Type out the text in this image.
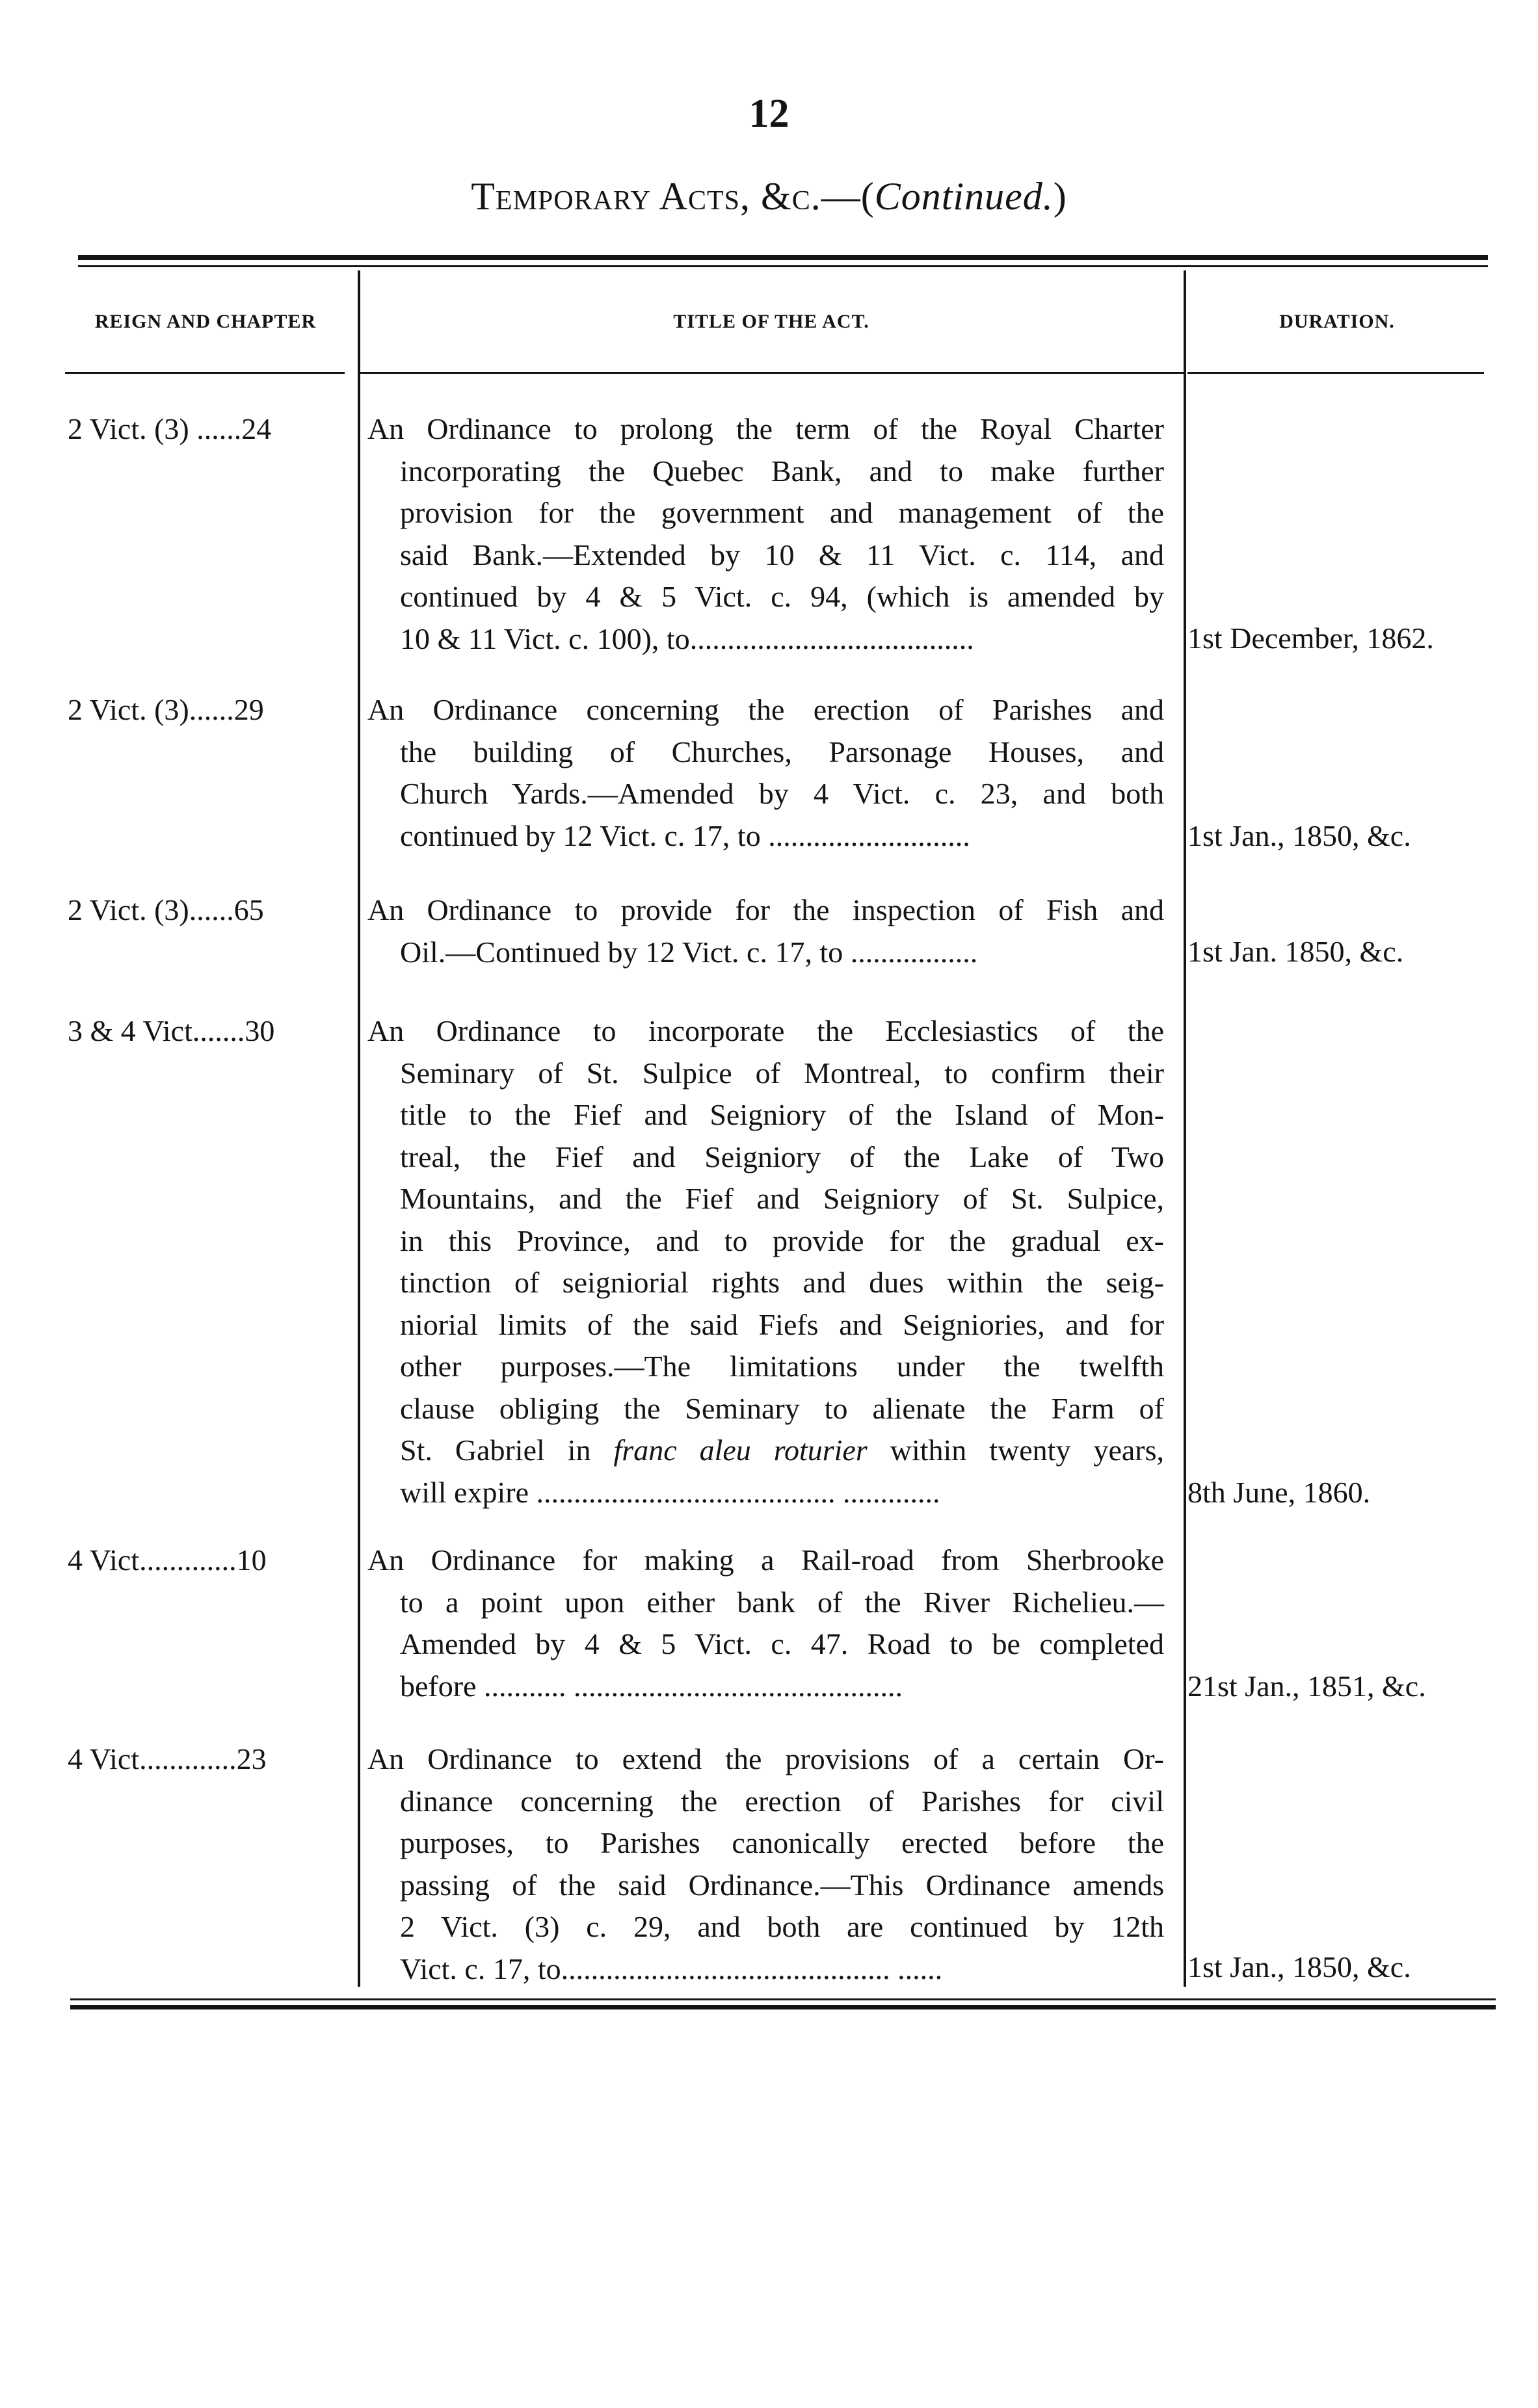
12
Temporary Acts, &c.—(Continued.)
REIGN AND CHAPTER	TITLE OF THE ACT.	DURATION.
2 Vict. (3) ......24	An Ordinance to prolong the term of the Royal Charter
incorporating the Quebec Bank, and to make further
provision for the government and management of the
said Bank.—Extended by 10 & 11 Vict. c. 114, and
continued by 4 & 5 Vict. c. 94, (which is amended by
10 & 11 Vict. c. 100), to......................................	1st December, 1862.
2 Vict. (3)......29	An Ordinance concerning the erection of Parishes and
the building of Churches, Parsonage Houses, and
Church Yards.—Amended by 4 Vict. c. 23, and both
continued by 12 Vict. c. 17, to ...........................	1st Jan., 1850, &c.
2 Vict. (3)......65	An Ordinance to provide for the inspection of Fish and
Oil.—Continued by 12 Vict. c. 17, to .................	1st Jan. 1850, &c.
3 & 4 Vict.......30	An Ordinance to incorporate the Ecclesiastics of the
Seminary of St. Sulpice of Montreal, to confirm their
title to the Fief and Seigniory of the Island of Mon-
treal, the Fief and Seigniory of the Lake of Two
Mountains, and the Fief and Seigniory of St. Sulpice,
in this Province, and to provide for the gradual ex-
tinction of seigniorial rights and dues within the seig-
niorial limits of the said Fiefs and Seigniories, and for
other purposes.—The limitations under the twelfth
clause obliging the Seminary to alienate the Farm of
St. Gabriel in franc aleu roturier within twenty years,
will expire ........................................ .............	8th June, 1860.
4 Vict.............10	An Ordinance for making a Rail-road from Sherbrooke
to a point upon either bank of the River Richelieu.—
Amended by 4 & 5 Vict. c. 47. Road to be completed
before ........... ............................................	21st Jan., 1851, &c.
4 Vict.............23	An Ordinance to extend the provisions of a certain Or-
dinance concerning the erection of Parishes for civil
purposes, to Parishes canonically erected before the
passing of the said Ordinance.—This Ordinance amends
2 Vict. (3) c. 29, and both are continued by 12th
Vict. c. 17, to............................................ ......	1st Jan., 1850, &c.
